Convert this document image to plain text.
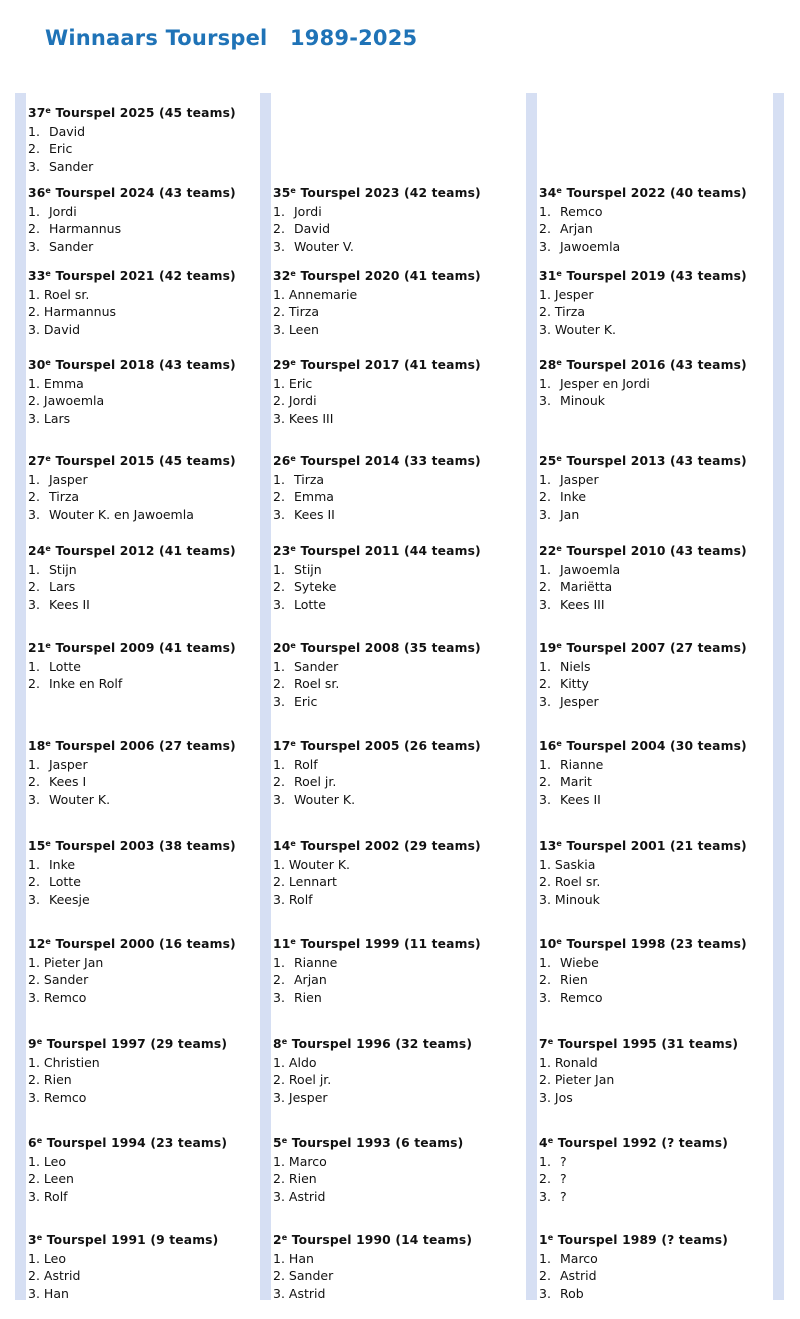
Winnaars Tourspel   1989-2025
37e Tourspel 2025 (45 teams)
1. David
2. Eric
3. Sander
36e Tourspel 2024 (43 teams)
1. Jordi
2. Harmannus
3. Sander
35e Tourspel 2023 (42 teams)
1. Jordi
2. David
3. Wouter V.
34e Tourspel 2022 (40 teams)
1. Remco
2. Arjan
3. Jawoemla
33e Tourspel 2021 (42 teams)
1. Roel sr.
2. Harmannus
3. David
32e Tourspel 2020 (41 teams)
1. Annemarie
2. Tirza
3. Leen
31e Tourspel 2019 (43 teams)
1. Jesper
2. Tirza
3. Wouter K.
30e Tourspel 2018 (43 teams)
1. Emma
2. Jawoemla
3. Lars
29e Tourspel 2017 (41 teams)
1. Eric
2. Jordi
3. Kees III
28e Tourspel 2016 (43 teams)
1. Jesper en Jordi
3. Minouk
27e Tourspel 2015 (45 teams)
1. Jasper
2. Tirza
3. Wouter K. en Jawoemla
26e Tourspel 2014 (33 teams)
1. Tirza
2. Emma
3. Kees II
25e Tourspel 2013 (43 teams)
1. Jasper
2. Inke
3. Jan
24e Tourspel 2012 (41 teams)
1. Stijn
2. Lars
3. Kees II
23e Tourspel 2011 (44 teams)
1. Stijn
2. Syteke
3. Lotte
22e Tourspel 2010 (43 teams)
1. Jawoemla
2. Mariëtta
3. Kees III
21e Tourspel 2009 (41 teams)
1. Lotte
2. Inke en Rolf
20e Tourspel 2008 (35 teams)
1. Sander
2. Roel sr.
3. Eric
19e Tourspel 2007 (27 teams)
1. Niels
2. Kitty
3. Jesper
18e Tourspel 2006 (27 teams)
1. Jasper
2. Kees I
3. Wouter K.
17e Tourspel 2005 (26 teams)
1. Rolf
2. Roel jr.
3. Wouter K.
16e Tourspel 2004 (30 teams)
1. Rianne
2. Marit
3. Kees II
15e Tourspel 2003 (38 teams)
1. Inke
2. Lotte
3. Keesje
14e Tourspel 2002 (29 teams)
1. Wouter K.
2. Lennart
3. Rolf
13e Tourspel 2001 (21 teams)
1. Saskia
2. Roel sr.
3. Minouk
12e Tourspel 2000 (16 teams)
1. Pieter Jan
2. Sander
3. Remco
11e Tourspel 1999 (11 teams)
1. Rianne
2. Arjan
3. Rien
10e Tourspel 1998 (23 teams)
1. Wiebe
2. Rien
3. Remco
9e Tourspel 1997 (29 teams)
1. Christien
2. Rien
3. Remco
8e Tourspel 1996 (32 teams)
1. Aldo
2. Roel jr.
3. Jesper
7e Tourspel 1995 (31 teams)
1. Ronald
2. Pieter Jan
3. Jos
6e Tourspel 1994 (23 teams)
1. Leo
2. Leen
3. Rolf
5e Tourspel 1993 (6 teams)
1. Marco
2. Rien
3. Astrid
4e Tourspel 1992 (? teams)
1. ?
2. ?
3. ?
3e Tourspel 1991 (9 teams)
1. Leo
2. Astrid
3. Han
2e Tourspel 1990 (14 teams)
1. Han
2. Sander
3. Astrid
1e Tourspel 1989 (? teams)
1. Marco
2. Astrid
3. Rob
